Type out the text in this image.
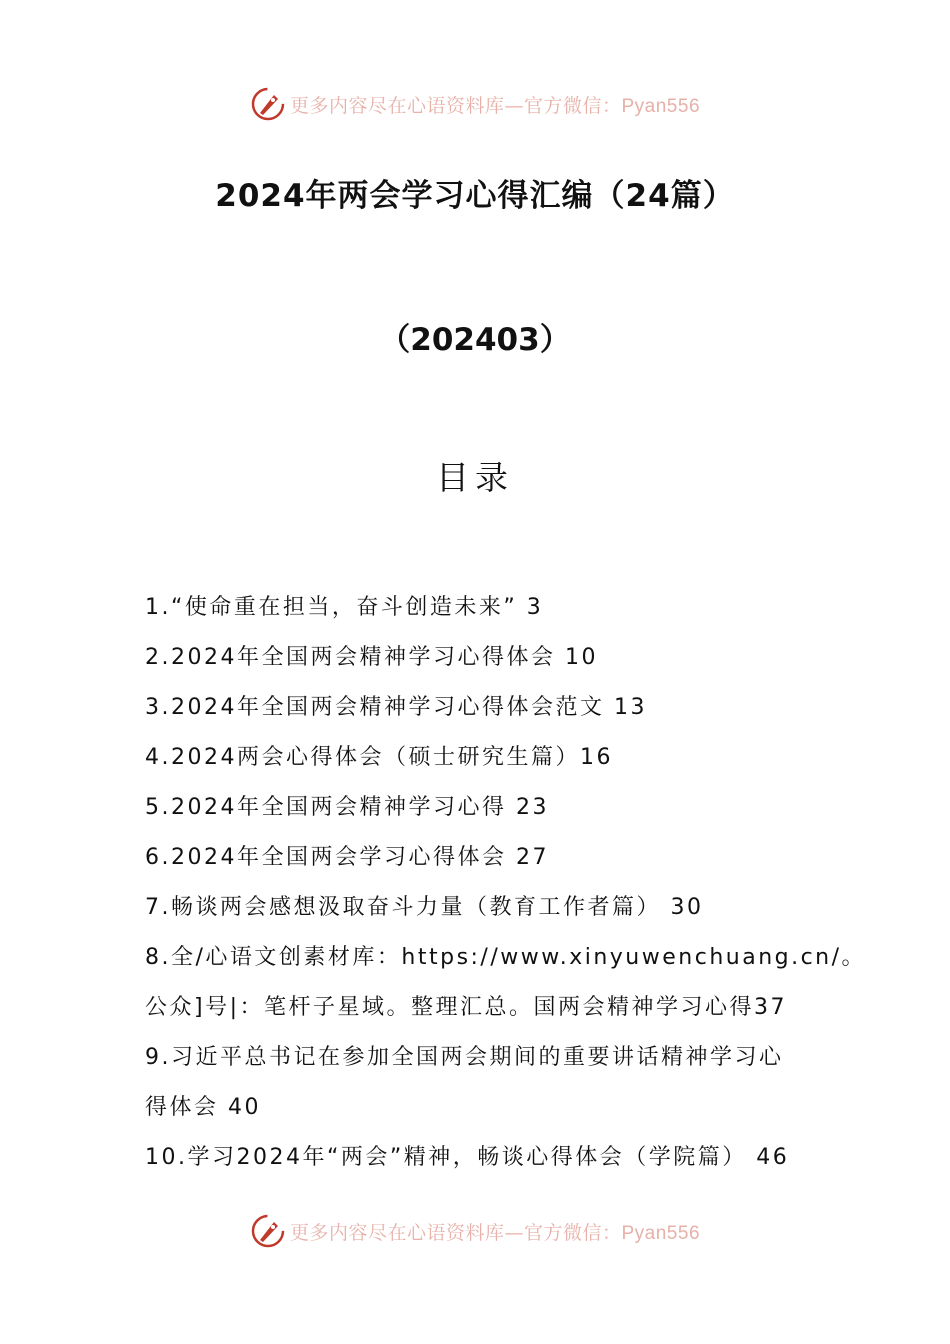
更多内容尽在心语资料库—官方微信：Pyan556
2024年两会学习心得汇编（24篇）
（202403）
目录
1.“使命重在担当，奋斗创造未来” 3
2.2024年全国两会精神学习心得体会 10
3.2024年全国两会精神学习心得体会范文 13
4.2024两会心得体会（硕士研究生篇）16
5.2024年全国两会精神学习心得 23
6.2024年全国两会学习心得体会 27
7.畅谈两会感想汲取奋斗力量（教育工作者篇） 30
8.全/心语文创素材库：https://www.xinyuwenchuang.cn/。
公众]号|：笔杆子星域。整理汇总。国两会精神学习心得37
9.习近平总书记在参加全国两会期间的重要讲话精神学习心
得体会 40
10.学习2024年“两会”精神，畅谈心得体会（学院篇） 46
更多内容尽在心语资料库—官方微信：Pyan556
